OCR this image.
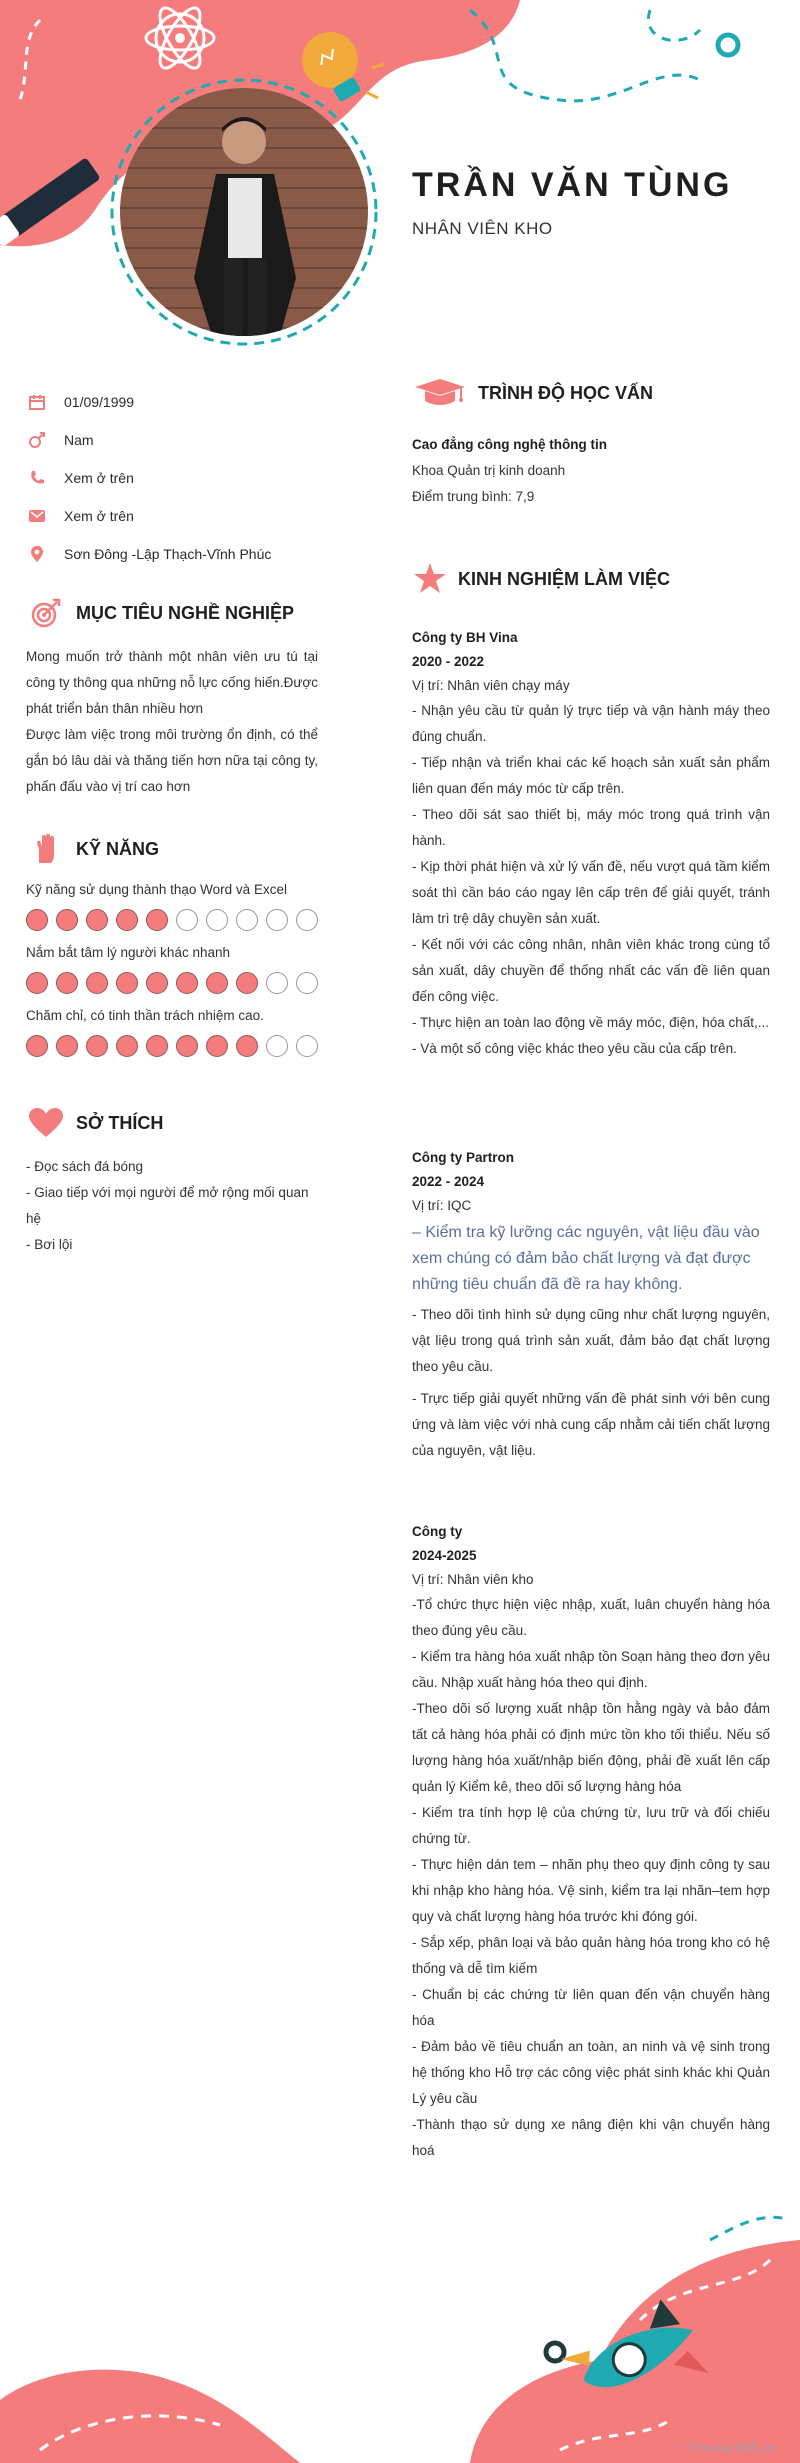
TRẦN VĂN TÙNG
NHÂN VIÊN KHO
01/09/1999
Nam
Xem ở trên
Xem ở trên
Sơn Đông -Lập Thạch-Vĩnh Phúc
MỤC TIÊU NGHỀ NGHIỆP
Mong muốn trở thành một nhân viên ưu tú tại công ty thông qua những nỗ lực cống hiến.Được phát triển bản thân nhiều hơn
Được làm việc trong môi trường ổn định, có thể gắn bó lâu dài và thăng tiến hơn nữa tại công ty, phấn đấu vào vị trí cao hơn
KỸ NĂNG
Kỹ năng sử dụng thành thạo Word và Excel
Nắm bắt tâm lý người khác nhanh
Chăm chỉ, có tinh thần trách nhiệm cao.
SỞ THÍCH
- Đọc sách đá bóng
- Giao tiếp với mọi người để mở rộng mối quan hệ
- Bơi lội
TRÌNH ĐỘ HỌC VẤN
Cao đẳng công nghệ thông tin
Khoa Quản trị kinh doanh
Điểm trung bình: 7,9
KINH NGHIỆM LÀM VIỆC
Công ty BH Vina
2020 - 2022
Vị trí: Nhân viên chạy máy
- Nhận yêu cầu từ quản lý trực tiếp và vận hành máy theo đúng chuẩn.
- Tiếp nhận và triển khai các kế hoạch sản xuất sản phẩm liên quan đến máy móc từ cấp trên.
- Theo dõi sát sao thiết bị, máy móc trong quá trình vận hành.
- Kịp thời phát hiện và xử lý vấn đề, nếu vượt quá tầm kiểm soát thì cần báo cáo ngay lên cấp trên để giải quyết, tránh làm trì trệ dây chuyền sản xuất.
- Kết nối với các công nhân, nhân viên khác trong cùng tổ sản xuất, dây chuyền để thống nhất các vấn đề liên quan đến công việc.
- Thực hiện an toàn lao động về máy móc, điện, hóa chất,...
- Và một số công việc khác theo yêu cầu của cấp trên.
Công ty Partron
2022 - 2024
Vị trí: IQC
– Kiểm tra kỹ lưỡng các nguyên, vật liệu đầu vào xem chúng có đảm bảo chất lượng và đạt được những tiêu chuẩn đã đề ra hay không.
- Theo dõi tình hình sử dụng cũng như chất lượng nguyên, vật liệu trong quá trình sản xuất, đảm bảo đạt chất lượng theo yêu cầu.
- Trực tiếp giải quyết những vấn đề phát sinh với bên cung ứng và làm việc với nhà cung cấp nhằm cải tiến chất lượng của nguyên, vật liệu.
Công ty
2024-2025
Vị trí: Nhân viên kho
-Tổ chức thực hiện việc nhập, xuất, luân chuyển hàng hóa theo đúng yêu cầu.
- Kiểm tra hàng hóa xuất nhập tồn Soạn hàng theo đơn yêu cầu. Nhập xuất hàng hóa theo qui định.
-Theo dõi số lượng xuất nhập tồn hằng ngày và bảo đảm tất cả hàng hóa phải có định mức tồn kho tối thiểu. Nếu số lượng hàng hóa xuất/nhập biến động, phải đề xuất lên cấp quản lý Kiểm kê, theo dõi số lượng hàng hóa
- Kiểm tra tính hợp lệ của chứng từ, lưu trữ và đối chiếu chứng từ.
- Thực hiện dán tem – nhãn phụ theo quy định công ty sau khi nhập kho hàng hóa. Vệ sinh, kiểm tra lại nhãn–tem hợp quy và chất lượng hàng hóa trước khi đóng gói.
- Sắp xếp, phân loại và bảo quản hàng hóa trong kho có hệ thống và dễ tìm kiếm
- Chuẩn bị các chứng từ liên quan đến vận chuyển hàng hóa
- Đảm bảo về tiêu chuẩn an toàn, an ninh và vệ sinh trong hệ thống kho Hỗ trợ các công việc phát sinh khác khi Quản Lý yêu cầu
-Thành thạo sử dụng xe nâng điện khi vận chuyển hàng hoá
⁘ Timviec365.vn
